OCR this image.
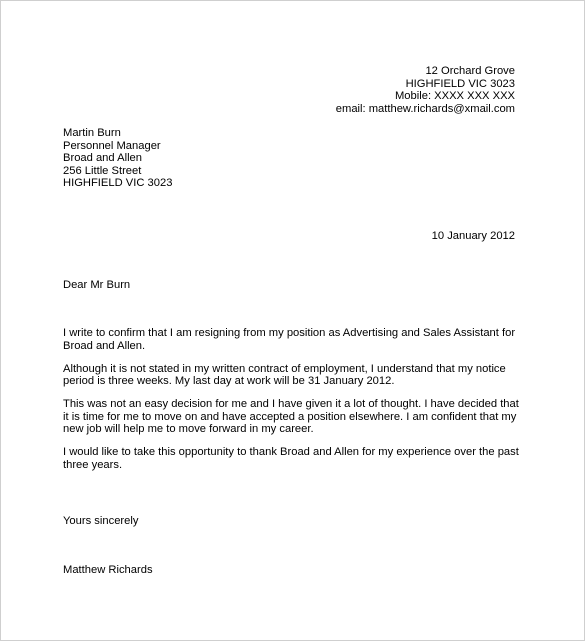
12 Orchard Grove
HIGHFIELD VIC 3023
Mobile: XXXX XXX XXX
email: matthew.richards@xmail.com
Martin Burn
Personnel Manager
Broad and Allen
256 Little Street
HIGHFIELD VIC 3023
10 January 2012
Dear Mr Burn

I write to confirm that I am resigning from my position as Advertising and Sales Assistant for
Broad and Allen.

Although it is not stated in my written contract of employment, I understand that my notice
period is three weeks. My last day at work will be 31 January 2012.

This was not an easy decision for me and I have given it a lot of thought. I have decided that
it is time for me to move on and have accepted a position elsewhere. I am confident that my
new job will help me to move forward in my career.

I would like to take this opportunity to thank Broad and Allen for my experience over the past
three years.

Yours sincerely
Matthew Richards
